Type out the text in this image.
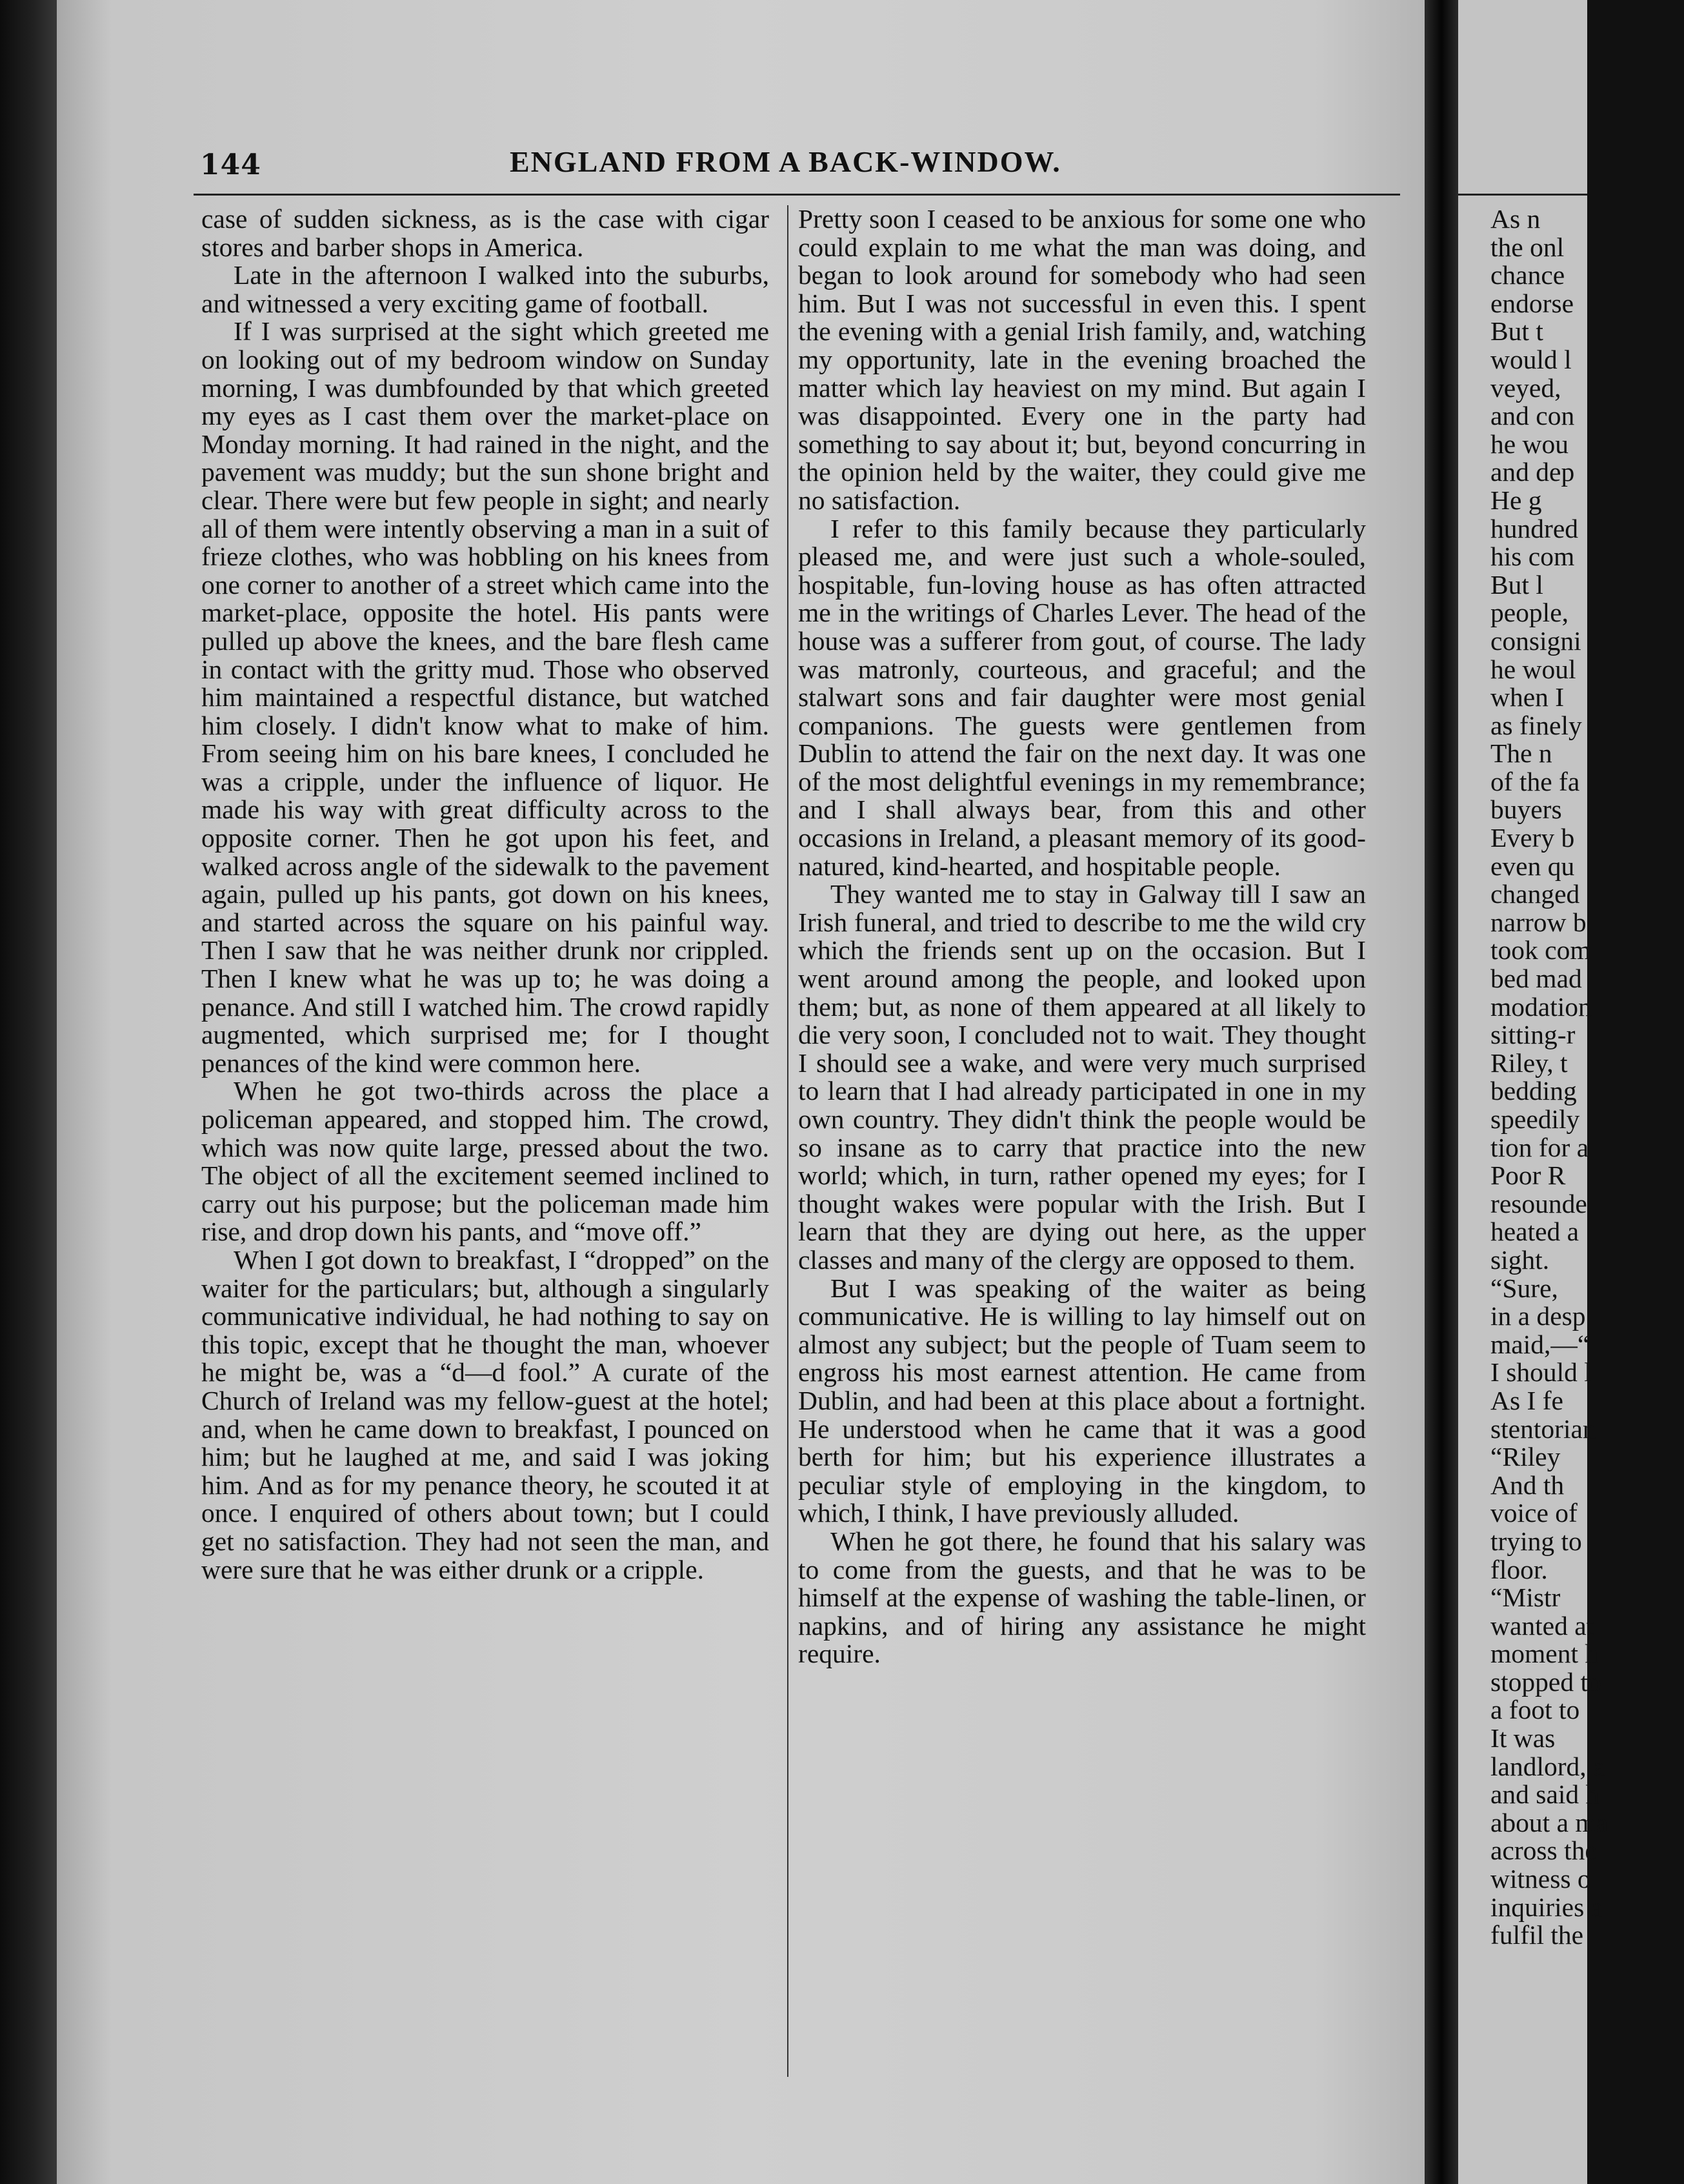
144	ENGLAND FROM A BACK-WINDOW.

case of sudden sickness, as is the case with cigar stores and barber shops in America.

Late in the afternoon I walked into the suburbs, and witnessed a very exciting game of football.

If I was surprised at the sight which greeted me on looking out of my bedroom window on Sunday morning, I was dumbfounded by that which greeted my eyes as I cast them over the market-place on Monday morning. It had rained in the night, and the pavement was muddy; but the sun shone bright and clear. There were but few people in sight; and nearly all of them were intently observing a man in a suit of frieze clothes, who was hobbling on his knees from one corner to another of a street which came into the market-place, opposite the hotel. His pants were pulled up above the knees, and the bare flesh came in contact with the gritty mud. Those who observed him maintained a respectful distance, but watched him closely. I didn't know what to make of him. From seeing him on his bare knees, I concluded he was a cripple, under the influence of liquor. He made his way with great difficulty across to the opposite corner. Then he got upon his feet, and walked across angle of the sidewalk to the pavement again, pulled up his pants, got down on his knees, and started across the square on his painful way. Then I saw that he was neither drunk nor crippled. Then I knew what he was up to; he was doing a penance. And still I watched him. The crowd rapidly augmented, which surprised me; for I thought penances of the kind were common here.

When he got two-thirds across the place a policeman appeared, and stopped him. The crowd, which was now quite large, pressed about the two. The object of all the excitement seemed inclined to carry out his purpose; but the policeman made him rise, and drop down his pants, and “move off.”

When I got down to breakfast, I “dropped” on the waiter for the particulars; but, although a singularly communicative individual, he had nothing to say on this topic, except that he thought the man, whoever he might be, was a “d—d fool.” A curate of the Church of Ireland was my fellow-guest at the hotel; and, when he came down to breakfast, I pounced on him; but he laughed at me, and said I was joking him. And as for my penance theory, he scouted it at once. I enquired of others about town; but I could get no satisfaction. They had not seen the man, and were sure that he was either drunk or a cripple.

Pretty soon I ceased to be anxious for some one who could explain to me what the man was doing, and began to look around for somebody who had seen him. But I was not successful in even this. I spent the evening with a genial Irish family, and, watching my opportunity, late in the evening broached the matter which lay heaviest on my mind. But again I was disappointed. Every one in the party had something to say about it; but, beyond concurring in the opinion held by the waiter, they could give me no satisfaction.

I refer to this family because they particularly pleased me, and were just such a whole-souled, hospitable, fun-loving house as has often attracted me in the writings of Charles Lever. The head of the house was a sufferer from gout, of course. The lady was matronly, courteous, and graceful; and the stalwart sons and fair daughter were most genial companions. The guests were gentlemen from Dublin to attend the fair on the next day. It was one of the most delightful evenings in my remembrance; and I shall always bear, from this and other occasions in Ireland, a pleasant memory of its good-natured, kind-hearted, and hospitable people.

They wanted me to stay in Galway till I saw an Irish funeral, and tried to describe to me the wild cry which the friends sent up on the occasion. But I went around among the people, and looked upon them; but, as none of them appeared at all likely to die very soon, I concluded not to wait. They thought I should see a wake, and were very much surprised to learn that I had already participated in one in my own country. They didn't think the people would be so insane as to carry that practice into the new world; which, in turn, rather opened my eyes; for I thought wakes were popular with the Irish. But I learn that they are dying out here, as the upper classes and many of the clergy are opposed to them.

But I was speaking of the waiter as being communicative. He is willing to lay himself out on almost any subject; but the people of Tuam seem to engross his most earnest attention. He came from Dublin, and had been at this place about a fortnight. He understood when he came that it was a good berth for him; but his experience illustrates a peculiar style of employing in the kingdom, to which, I think, I have previously alluded.

When he got there, he found that his salary was to come from the guests, and that he was to be himself at the expense of washing the table-linen, or napkins, and of hiring any assistance he might require.

As n
the onl
chance
endorse
But t
would l
veyed,
and con
he wou
and dep
He g
hundred
his com
But l
people,
consigni
he woul
when I
as finely
The n
of the fa
buyers
Every b
even qu
changed
narrow b
took com
bed mad
modation
sitting-r
Riley, t
bedding
speedily
tion for a
Poor R
resounde
heated a
sight.
“Sure,
in a desp
maid,—“
I should l
As I fe
stentorian
“Riley
And th
voice of
trying to
floor.
“Mistr
wanted at
moment h
stopped to
a foot to
It was
landlord, a
and said h
about a ma
across the
witness o
inquiries a
fulfil the
